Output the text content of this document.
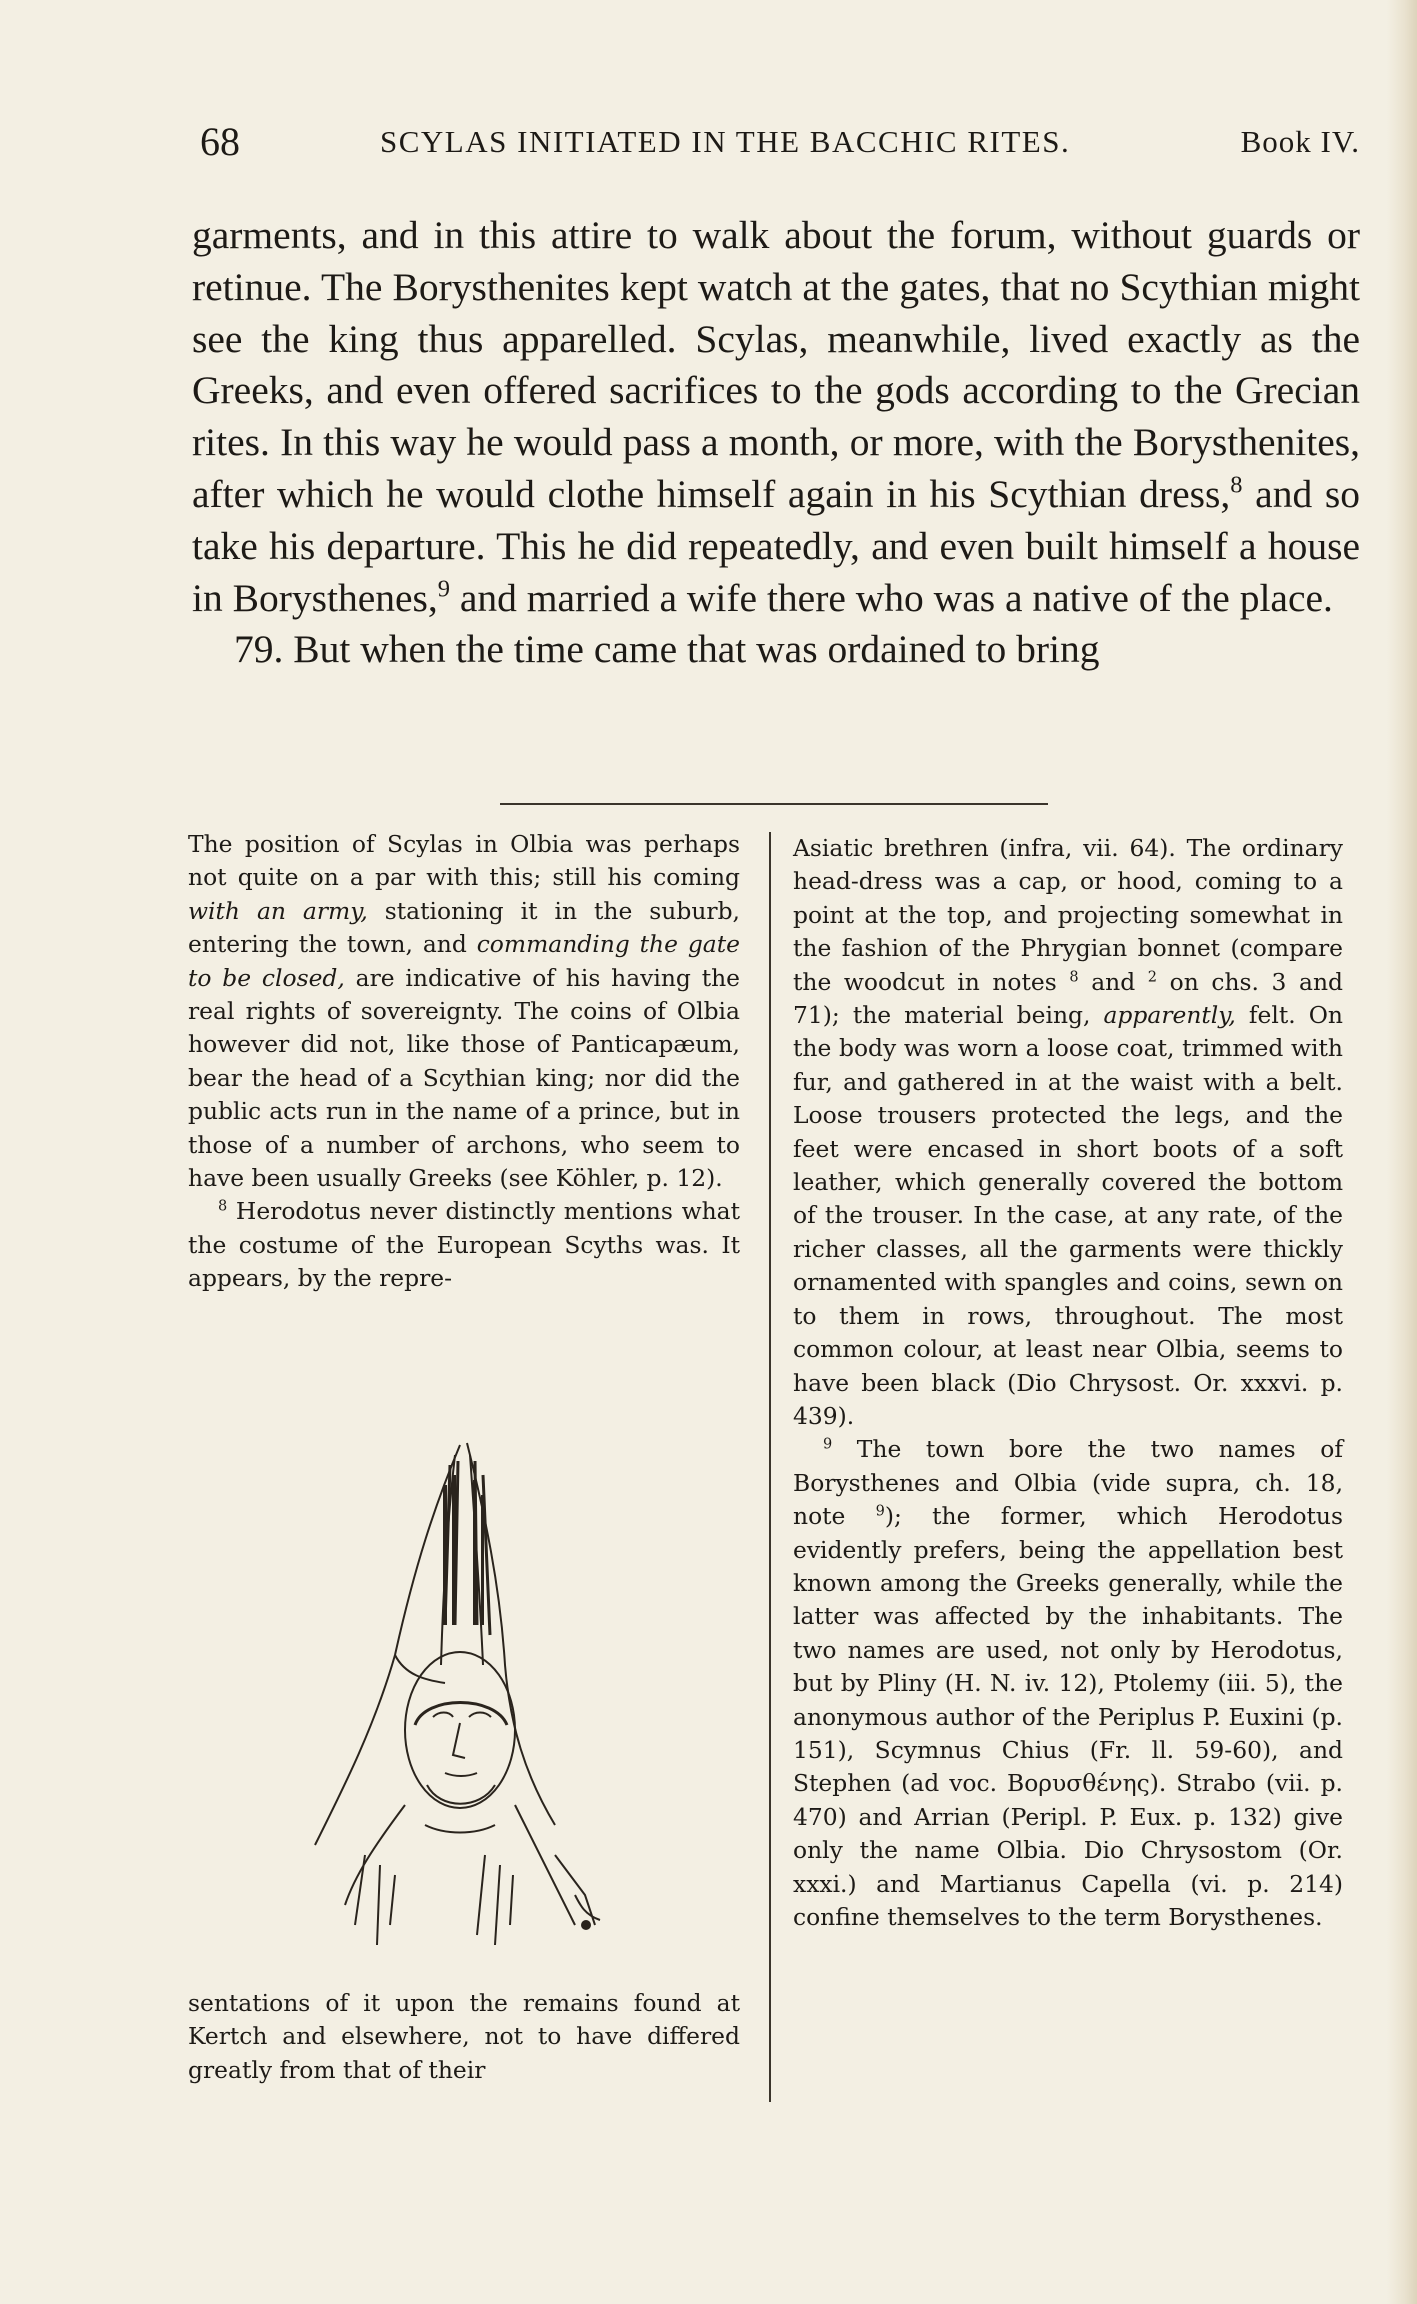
68	SCYLAS INITIATED IN THE BACCHIC RITES.	Book IV.

garments, and in this attire to walk about the forum, without guards or retinue. The Borysthenites kept watch at the gates, that no Scythian might see the king thus apparelled. Scylas, meanwhile, lived exactly as the Greeks, and even offered sacrifices to the gods according to the Grecian rites. In this way he would pass a month, or more, with the Borysthenites, after which he would clothe himself again in his Scythian dress,$^8$ and so take his departure. This he did repeatedly, and even built himself a house in Borysthenes,$^9$ and married a wife there who was a native of the place.

79. But when the time came that was ordained to bring

The position of Scylas in Olbia was perhaps not quite on a par with this; still his coming with an army, stationing it in the suburb, entering the town, and commanding the gate to be closed, are indicative of his having the real rights of sovereignty. The coins of Olbia however did not, like those of Panticapæum, bear the head of a Scythian king; nor did the public acts run in the name of a prince, but in those of a number of archons, who seem to have been usually Greeks (see Köhler, p. 12).

$^8$ Herodotus never distinctly mentions what the costume of the European Scyths was. It appears, by the repre-

sentations of it upon the remains found at Kertch and elsewhere, not to have differed greatly from that of their

Asiatic brethren (infra, vii. 64). The ordinary head-dress was a cap, or hood, coming to a point at the top, and projecting somewhat in the fashion of the Phrygian bonnet (compare the woodcut in notes $^8$ and $^2$ on chs. 3 and 71); the material being, apparently, felt. On the body was worn a loose coat, trimmed with fur, and gathered in at the waist with a belt. Loose trousers protected the legs, and the feet were encased in short boots of a soft leather, which generally covered the bottom of the trouser. In the case, at any rate, of the richer classes, all the garments were thickly ornamented with spangles and coins, sewn on to them in rows, throughout. The most common colour, at least near Olbia, seems to have been black (Dio Chrysost. Or. xxxvi. p. 439).

$^9$ The town bore the two names of Borysthenes and Olbia (vide supra, ch. 18, note $^9$); the former, which Herodotus evidently prefers, being the appellation best known among the Greeks generally, while the latter was affected by the inhabitants. The two names are used, not only by Herodotus, but by Pliny (H. N. iv. 12), Ptolemy (iii. 5), the anonymous author of the Periplus P. Euxini (p. 151), Scymnus Chius (Fr. ll. 59-60), and Stephen (ad voc. Βορυσθένης). Strabo (vii. p. 470) and Arrian (Peripl. P. Eux. p. 132) give only the name Olbia. Dio Chrysostom (Or. xxxi.) and Martianus Capella (vi. p. 214) confine themselves to the term Borysthenes.
